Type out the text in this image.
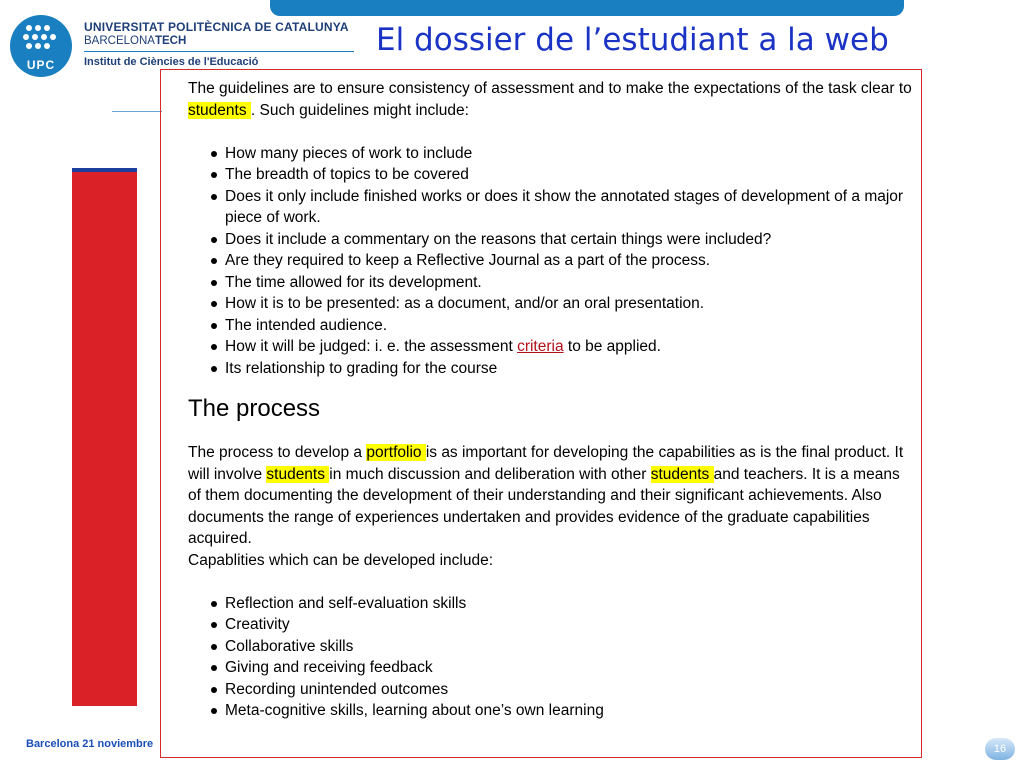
UPC
UNIVERSITAT POLITÈCNICA DE CATALUNYA
BARCELONATECH
Institut de Ciències de l'Educació
El dossier de l’estudiant a la web

The guidelines are to ensure consistency of assessment and to make the expectations of the task clear to students . Such guidelines might include:

How many pieces of work to include
The breadth of topics to be covered
Does it only include finished works or does it show the annotated stages of development of a major piece of work.
Does it include a commentary on the reasons that certain things were included?
Are they required to keep a Reflective Journal as a part of the process.
The time allowed for its development.
How it is to be presented: as a document, and/or an oral presentation.
The intended audience.
How it will be judged: i. e. the assessment criteria to be applied.
Its relationship to grading for the course
The process

The process to develop a portfolio is as important for developing the capabilities as is the final product. It will involve students in much discussion and deliberation with other students and teachers. It is a means of them documenting the development of their understanding and their significant achievements. Also documents the range of experiences undertaken and provides evidence of the graduate capabilities acquired.

Capablities which can be developed include:

Reflection and self-evaluation skills
Creativity
Collaborative skills
Giving and receiving feedback
Recording unintended outcomes
Meta-cognitive skills, learning about one’s own learning
Barcelona 21 noviembre	16
